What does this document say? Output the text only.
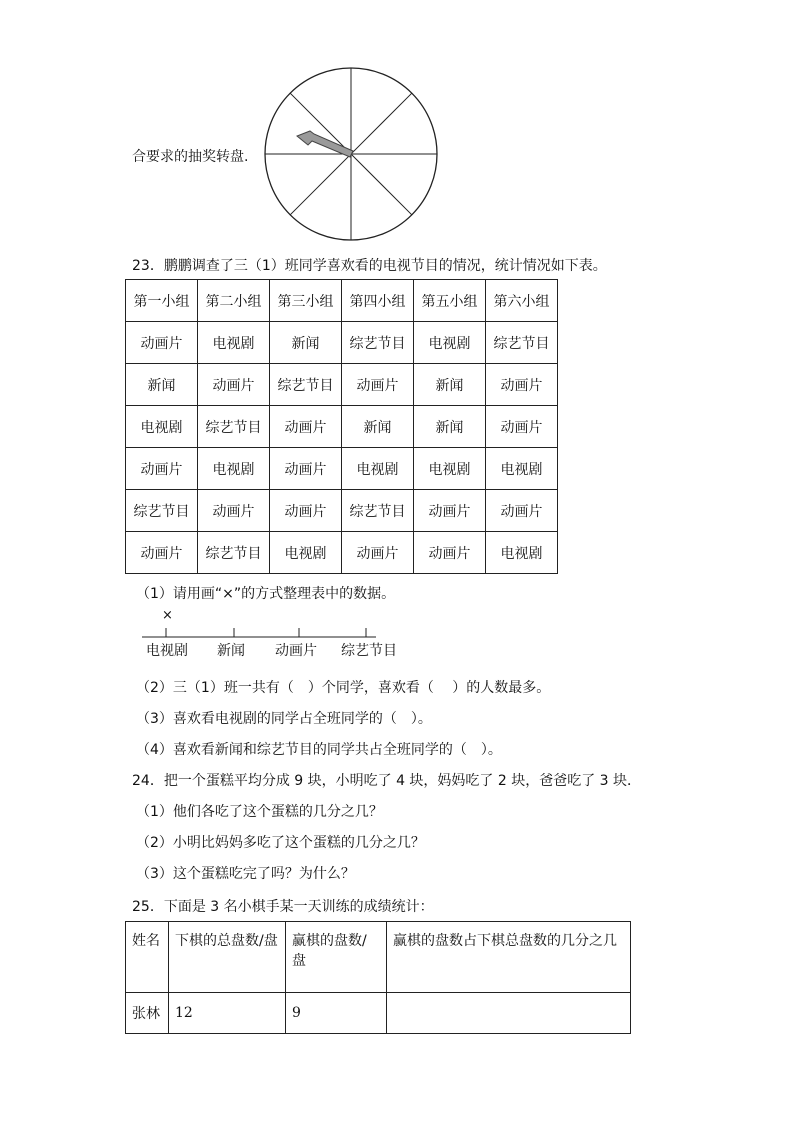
合要求的抽奖转盘.
23．鹏鹏调查了三（1）班同学喜欢看的电视节目的情况，统计情况如下表。
第一小组	第二小组	第三小组	第四小组	第五小组	第六小组
动画片	电视剧	新闻	综艺节目	电视剧	综艺节目
新闻	动画片	综艺节目	动画片	新闻	动画片
电视剧	综艺节目	动画片	新闻	新闻	动画片
动画片	电视剧	动画片	电视剧	电视剧	电视剧
综艺节目	动画片	动画片	综艺节目	动画片	动画片
动画片	综艺节目	电视剧	动画片	动画片	电视剧
（1）请用画“×”的方式整理表中的数据。
×
电视剧 新闻 动画片 综艺节目
（2）三（1）班一共有（　）个同学，喜欢看（　 ）的人数最多。
（3）喜欢看电视剧的同学占全班同学的（　）。
（4）喜欢看新闻和综艺节目的同学共占全班同学的（　）。
24．把一个蛋糕平均分成 9 块，小明吃了 4 块，妈妈吃了 2 块，爸爸吃了 3 块．
（1）他们各吃了这个蛋糕的几分之几？
（2）小明比妈妈多吃了这个蛋糕的几分之几？
（3）这个蛋糕吃完了吗？为什么？
25．下面是 3 名小棋手某一天训练的成绩统计：
姓名	下棋的总盘数/盘	赢棋的盘数/盘	赢棋的盘数占下棋总盘数的几分之几
张林	12	9	
